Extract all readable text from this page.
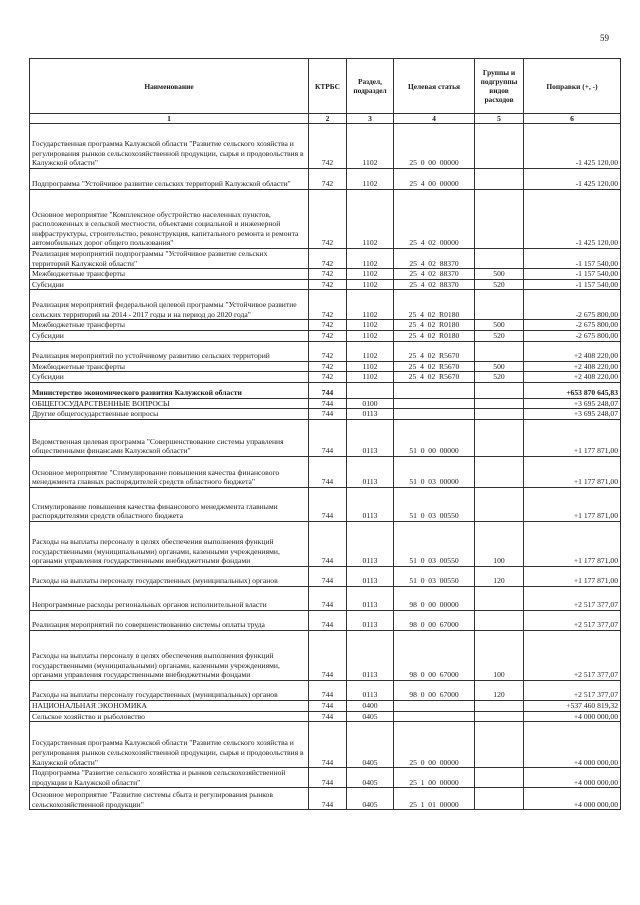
59
Наименование	КТРБС	Раздел, подраздел	Целевая статья	Группы и подгруппы видов расходов	Поправки (+, -)
1	2	3	4	5	6
Государственная программа Калужской области "Развитие сельского хозяйства и регулирования рынков сельскохозяйственной продукции, сырья и продовольствия в Калужской области"	742	1102	25  0  00  00000		-1 425 120,00
Подпрограмма "Устойчивое развитие сельских территорий Калужской области"	742	1102	25  4  00  00000		-1 425 120,00
Основное мероприятие "Комплексное обустройство населенных пунктов, расположенных в сельской местности, объектами социальной и инженерной инфраструктуры, строительство, реконструкция, капитального ремонта и ремонта автомобильных дорог общего пользования"	742	1102	25  4  02  00000		-1 425 120,00
Реализация мероприятий подпрограммы "Устойчивое развитие сельских территорий Калужской области"	742	1102	25  4  02  88370		-1 157 540,00
Межбюджетные трансферты	742	1102	25  4  02  88370	500	-1 157 540,00
Субсидии	742	1102	25  4  02  88370	520	-1 157 540,00
Реализация мероприятий федеральной целевой программы "Устойчивое развитие сельских территорий на 2014 - 2017 годы и на период до 2020 года"	742	1102	25  4  02  R0180		-2 675 800,00
Межбюджетные трансферты	742	1102	25  4  02  R0180	500	-2 675 800,00
Субсидии	742	1102	25  4  02  R0180	520	-2 675 800,00
Реализация мероприятий по устойчивому развитию сельских территорий	742	1102	25  4  02  R5670		+2 408 220,00
Межбюджетные трансферты	742	1102	25  4  02  R5670	500	+2 408 220,00
Субсидии	742	1102	25  4  02  R5670	520	+2 408 220,00
Министерство экономического развития Калужской области	744				+653 870 645,83
ОБЩЕГОСУДАРСТВЕННЫЕ ВОПРОСЫ	744	0100			+3 695 248,07
Другие общегосударственные вопросы	744	0113			+3 695 248,07
Ведомственная целевая программа "Совершенствование системы управления общественными финансами Калужской области"	744	0113	51  0  00  00000		+1 177 871,00
Основное мероприятие "Стимулирование повышения качества финансового менеджмента главных распорядителей средств областного бюджета"	744	0113	51  0  03  00000		+1 177 871,00
Стимулирование повышения качества финансового менеджмента главными распорядителями средств областного бюджета	744	0113	51  0  03  00550		+1 177 871,00
Расходы на выплаты персоналу в целях обеспечения выполнения функций государственными (муниципальными) органами, казенными учреждениями, органами управления государственными внебюджетными фондами	744	0113	51  0  03  00550	100	+1 177 871,00
Расходы на выплаты персоналу государственных (муниципальных) органов	744	0113	51  0  03  00550	120	+1 177 871,00
Непрограммные расходы региональных органов исполнительной власти	744	0113	98  0  00  00000		+2 517 377,07
Реализация мероприятий по совершенствованию системы оплаты труда	744	0113	98  0  00  67000		+2 517 377,07
Расходы на выплаты персоналу в целях обеспечения выполнения функций государственными (муниципальными) органами, казенными учреждениями, органами управления государственными внебюджетными фондами	744	0113	98  0  00  67000	100	+2 517 377,07
Расходы на выплаты персоналу государственных (муниципальных) органов	744	0113	98  0  00  67000	120	+2 517 377,07
НАЦИОНАЛЬНАЯ ЭКОНОМИКА	744	0400			+537 460 819,32
Сельское хозяйство и рыболовство	744	0405			+4 000 000,00
Государственная программа Калужской области "Развитие сельского хозяйства и регулирования рынков сельскохозяйственной продукции, сырья и продовольствия в Калужской области"	744	0405	25  0  00  00000		+4 000 000,00
Подпрограмма "Развитие сельского хозяйства и рынков сельскохозяйственной продукции в Калужской области"	744	0405	25  1  00  00000		+4 000 000,00
Основное мероприятие "Развитие системы сбыта и регулирования рынков сельскохозяйственной продукции"	744	0405	25  1  01  00000		+4 000 000,00
